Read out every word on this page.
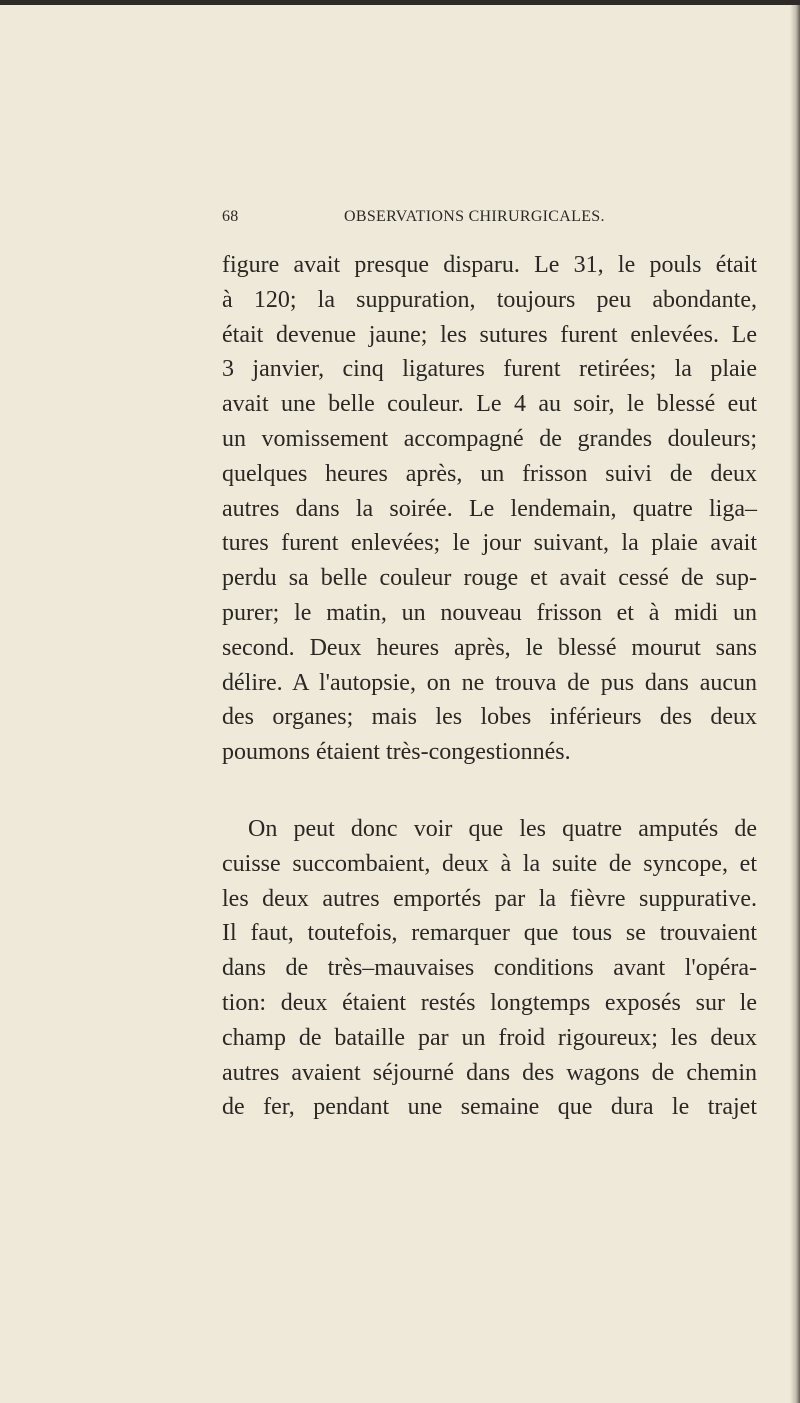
68	OBSERVATIONS CHIRURGICALES.

figure avait presque disparu. Le 31, le pouls était
à 120; la suppuration, toujours peu abondante,
était devenue jaune; les sutures furent enlevées. Le
3 janvier, cinq ligatures furent retirées; la plaie
avait une belle couleur. Le 4 au soir, le blessé eut
un vomissement accompagné de grandes douleurs;
quelques heures après, un frisson suivi de deux
autres dans la soirée. Le lendemain, quatre liga–
tures furent enlevées; le jour suivant, la plaie avait
perdu sa belle couleur rouge et avait cessé de sup-
purer; le matin, un nouveau frisson et à midi un
second. Deux heures après, le blessé mourut sans
délire. A l'autopsie, on ne trouva de pus dans aucun
des organes; mais les lobes inférieurs des deux
poumons étaient très-congestionnés.

On peut donc voir que les quatre amputés de
cuisse succombaient, deux à la suite de syncope, et
les deux autres emportés par la fièvre suppurative.
Il faut, toutefois, remarquer que tous se trouvaient
dans de très–mauvaises conditions avant l'opéra-
tion: deux étaient restés longtemps exposés sur le
champ de bataille par un froid rigoureux; les deux
autres avaient séjourné dans des wagons de chemin
de fer, pendant une semaine que dura le trajet
